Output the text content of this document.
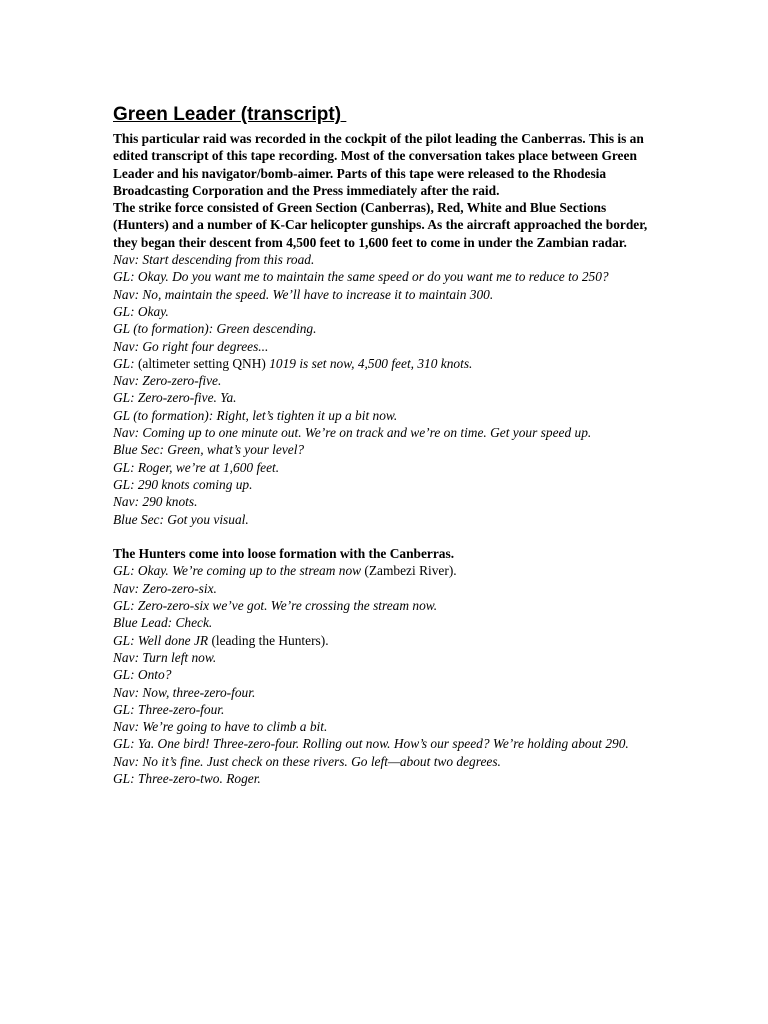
Green Leader (transcript)

This particular raid was recorded in the cockpit of the pilot leading the Canberras. This is an edited transcript of this tape recording. Most of the conversation takes place between Green Leader and his navigator/bomb-aimer. Parts of this tape were released to the Rhodesia Broadcasting Corporation and the Press immediately after the raid.

The strike force consisted of Green Section (Canberras), Red, White and Blue Sections (Hunters) and a number of K-Car helicopter gunships. As the aircraft approached the border, they began their descent from 4,500 feet to 1,600 feet to come in under the Zambian radar.

Nav: Start descending from this road.

GL: Okay. Do you want me to maintain the same speed or do you want me to reduce to 250?

Nav: No, maintain the speed. We’ll have to increase it to maintain 300.

GL: Okay.

GL (to formation): Green descending.

Nav: Go right four degrees...

GL: (altimeter setting QNH) 1019 is set now, 4,500 feet, 310 knots.

Nav: Zero-zero-five.

GL: Zero-zero-five. Ya.

GL (to formation): Right, let’s tighten it up a bit now.

Nav: Coming up to one minute out. We’re on track and we’re on time. Get your speed up.

Blue Sec: Green, what’s your level?

GL: Roger, we’re at 1,600 feet.

GL: 290 knots coming up.

Nav: 290 knots.

Blue Sec: Got you visual.

The Hunters come into loose formation with the Canberras.

GL: Okay. We’re coming up to the stream now (Zambezi River).

Nav: Zero-zero-six.

GL: Zero-zero-six we’ve got. We’re crossing the stream now.

Blue Lead: Check.

GL: Well done JR (leading the Hunters).

Nav: Turn left now.

GL: Onto?

Nav: Now, three-zero-four.

GL: Three-zero-four.

Nav: We’re going to have to climb a bit.

GL: Ya. One bird! Three-zero-four. Rolling out now. How’s our speed? We’re holding about 290.

Nav: No it’s fine. Just check on these rivers. Go left—about two degrees.

GL: Three-zero-two. Roger.
